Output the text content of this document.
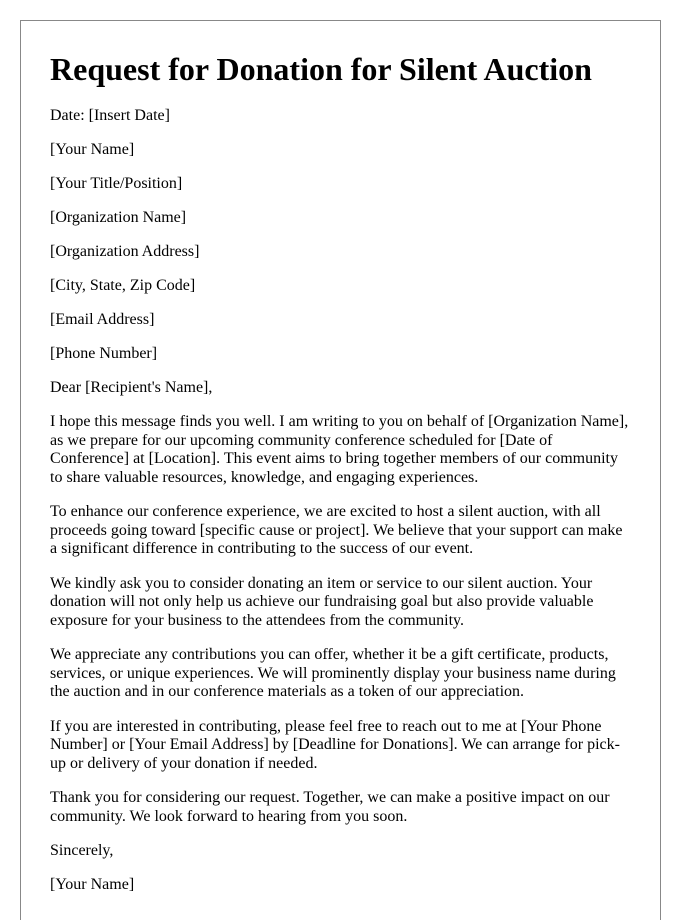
Request for Donation for Silent Auction

Date: [Insert Date]

[Your Name]

[Your Title/Position]

[Organization Name]

[Organization Address]

[City, State, Zip Code]

[Email Address]

[Phone Number]

Dear [Recipient's Name],

I hope this message finds you well. I am writing to you on behalf of [Organization Name], as we prepare for our upcoming community conference scheduled for [Date of Conference] at [Location]. This event aims to bring together members of our community to share valuable resources, knowledge, and engaging experiences.

To enhance our conference experience, we are excited to host a silent auction, with all proceeds going toward [specific cause or project]. We believe that your support can make a significant difference in contributing to the success of our event.

We kindly ask you to consider donating an item or service to our silent auction. Your donation will not only help us achieve our fundraising goal but also provide valuable exposure for your business to the attendees from the community.

We appreciate any contributions you can offer, whether it be a gift certificate, products, services, or unique experiences. We will prominently display your business name during the auction and in our conference materials as a token of our appreciation.

If you are interested in contributing, please feel free to reach out to me at [Your Phone Number] or [Your Email Address] by [Deadline for Donations]. We can arrange for pick-up or delivery of your donation if needed.

Thank you for considering our request. Together, we can make a positive impact on our community. We look forward to hearing from you soon.

Sincerely,

[Your Name]
